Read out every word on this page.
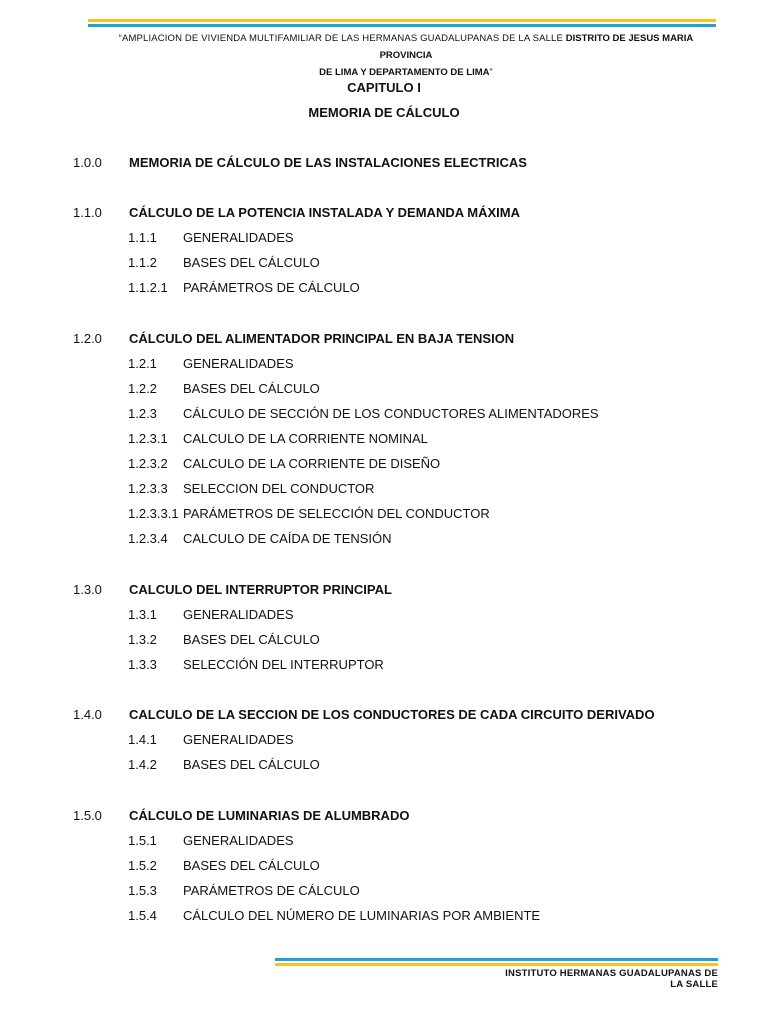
“AMPLIACION DE VIVIENDA MULTIFAMILIAR DE LAS HERMANAS GUADALUPANAS DE LA SALLE DISTRITO DE JESUS MARIA PROVINCIA
DE LIMA Y DEPARTAMENTO DE LIMA”
CAPITULO I
MEMORIA DE CÁLCULO
1.0.0 MEMORIA DE CÁLCULO DE LAS INSTALACIONES ELECTRICAS
1.1.0 CÁLCULO DE LA POTENCIA INSTALADA Y DEMANDA MÁXIMA
1.1.1 GENERALIDADES
1.1.2 BASES DEL CÁLCULO
1.1.2.1 PARÁMETROS DE CÁLCULO
1.2.0 CÁLCULO DEL ALIMENTADOR PRINCIPAL EN BAJA TENSION
1.2.1 GENERALIDADES
1.2.2 BASES DEL CÁLCULO
1.2.3 CÁLCULO DE SECCIÓN DE LOS CONDUCTORES ALIMENTADORES
1.2.3.1 CALCULO DE LA CORRIENTE NOMINAL
1.2.3.2 CALCULO DE LA CORRIENTE DE DISEÑO
1.2.3.3 SELECCION DEL CONDUCTOR
1.2.3.3.1 PARÁMETROS DE SELECCIÓN DEL CONDUCTOR
1.2.3.4 CALCULO DE CAÍDA DE TENSIÓN
1.3.0 CALCULO DEL INTERRUPTOR PRINCIPAL
1.3.1 GENERALIDADES
1.3.2 BASES DEL CÁLCULO
1.3.3 SELECCIÓN DEL INTERRUPTOR
1.4.0 CALCULO DE LA SECCION DE LOS CONDUCTORES DE CADA CIRCUITO DERIVADO
1.4.1 GENERALIDADES
1.4.2 BASES DEL CÁLCULO
1.5.0 CÁLCULO DE LUMINARIAS DE ALUMBRADO
1.5.1 GENERALIDADES
1.5.2 BASES DEL CÁLCULO
1.5.3 PARÁMETROS DE CÁLCULO
1.5.4 CÁLCULO DEL NÚMERO DE LUMINARIAS POR AMBIENTE
INSTITUTO HERMANAS GUADALUPANAS DE LA SALLE
